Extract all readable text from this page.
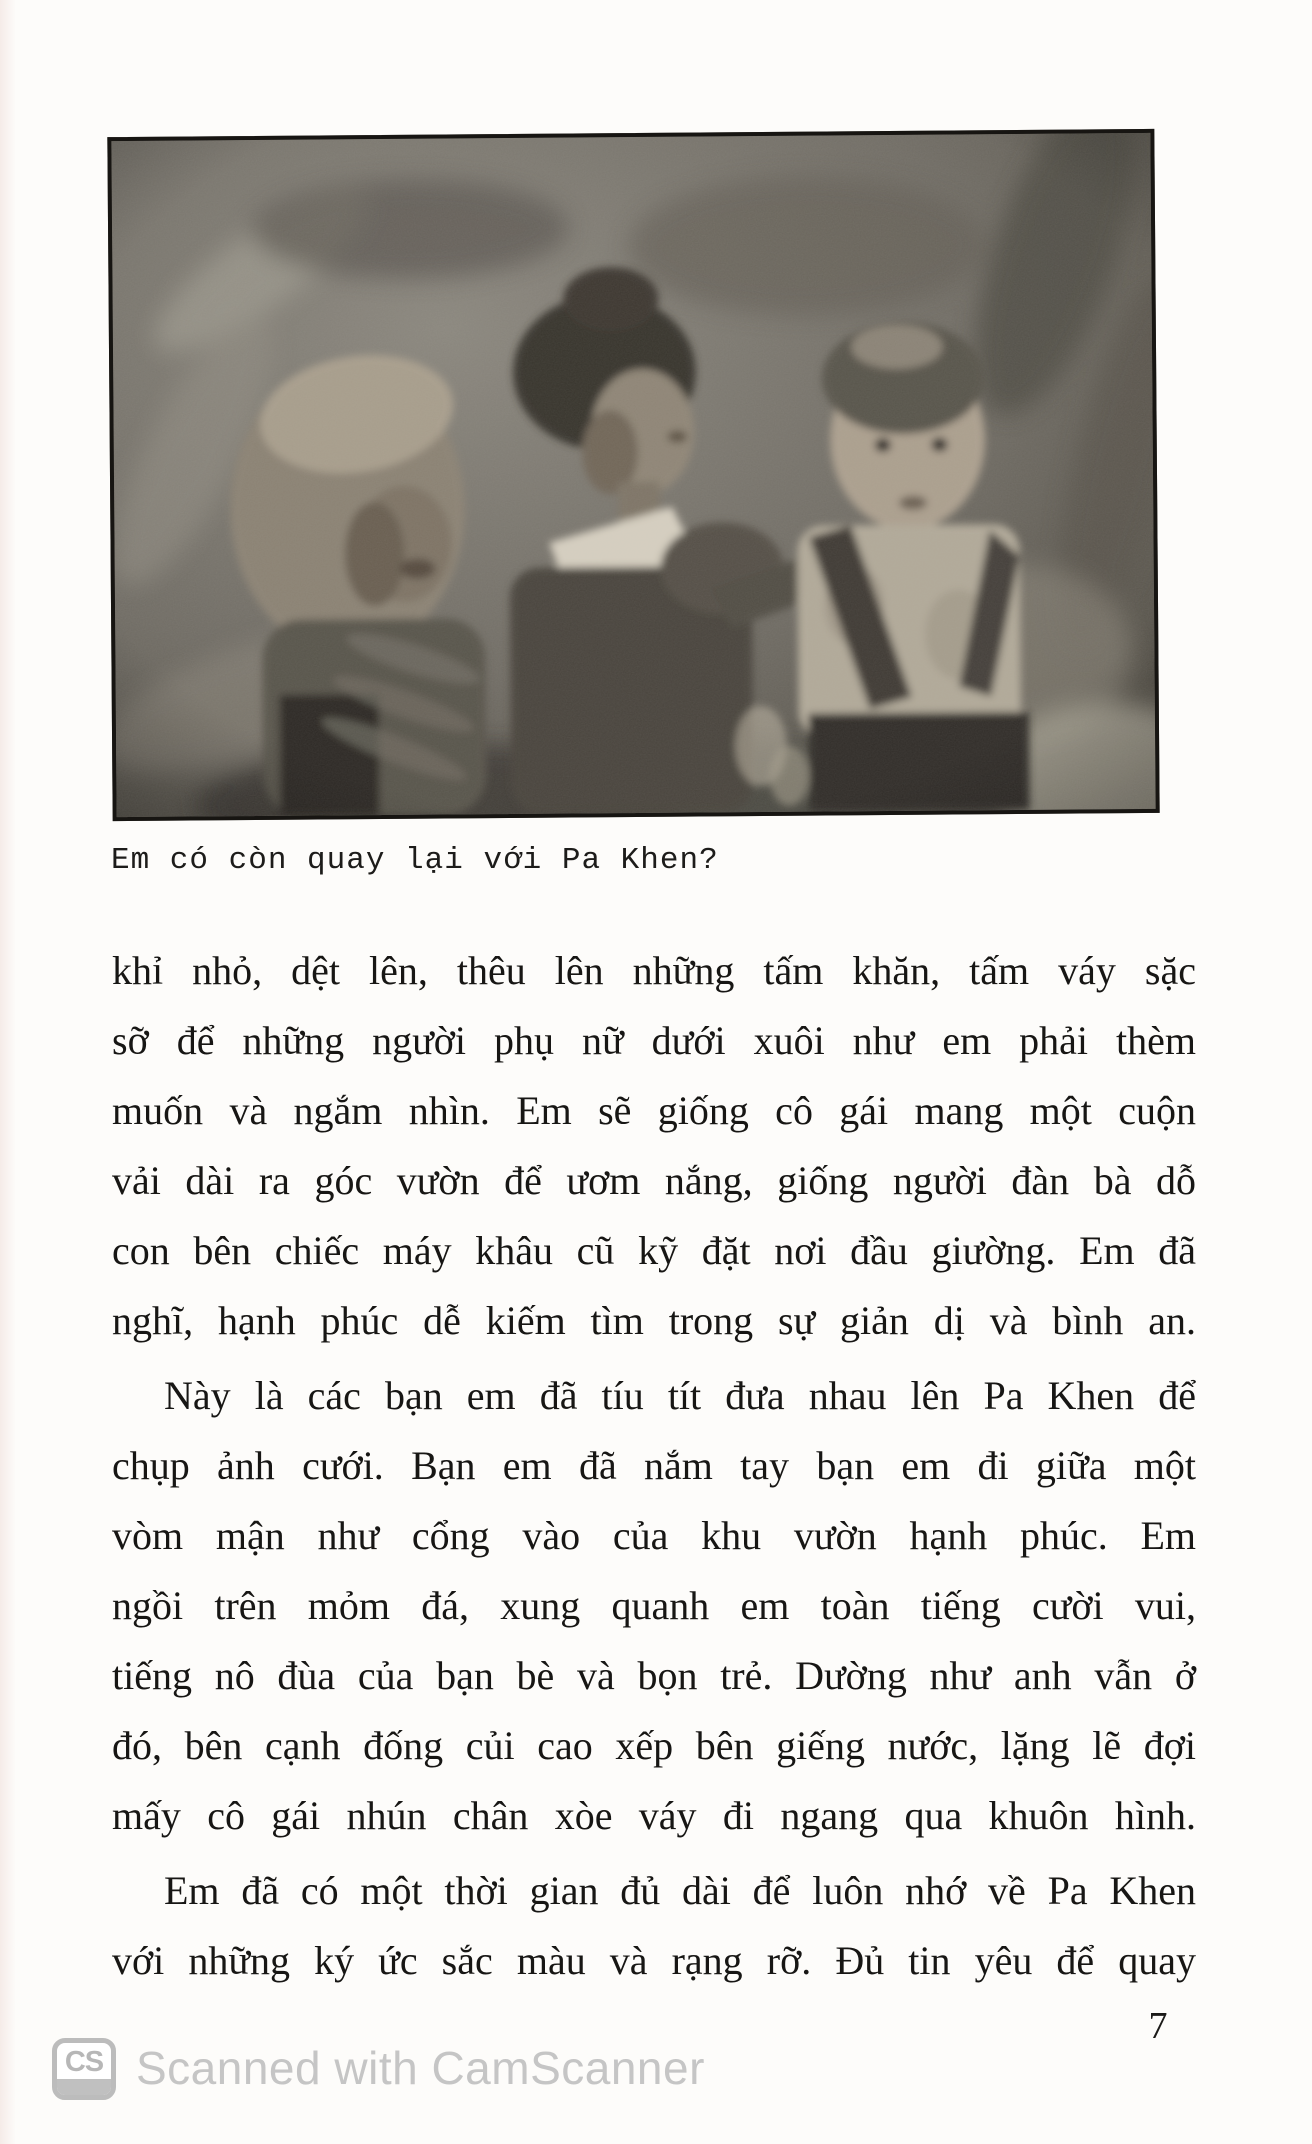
Em có còn quay lại với Pa Khen?
khỉ nhỏ, dệt lên, thêu lên những tấm khăn, tấm váy sặc
sỡ để những người phụ nữ dưới xuôi như em phải thèm
muốn và ngắm nhìn. Em sẽ giống cô gái mang một cuộn
vải dài ra góc vườn để ươm nắng, giống người đàn bà dỗ
con bên chiếc máy khâu cũ kỹ đặt nơi đầu giường. Em đã
nghĩ, hạnh phúc dễ kiếm tìm trong sự giản dị và bình an.
Này là các bạn em đã tíu tít đưa nhau lên Pa Khen để
chụp ảnh cưới. Bạn em đã nắm tay bạn em đi giữa một
vòm mận như cổng vào của khu vườn hạnh phúc. Em
ngồi trên mỏm đá, xung quanh em toàn tiếng cười vui,
tiếng nô đùa của bạn bè và bọn trẻ. Dường như anh vẫn ở
đó, bên cạnh đống củi cao xếp bên giếng nước, lặng lẽ đợi
mấy cô gái nhún chân xòe váy đi ngang qua khuôn hình.
Em đã có một thời gian đủ dài để luôn nhớ về Pa Khen
với những ký ức sắc màu và rạng rỡ. Đủ tin yêu để quay
7
CS Scanned with CamScanner
